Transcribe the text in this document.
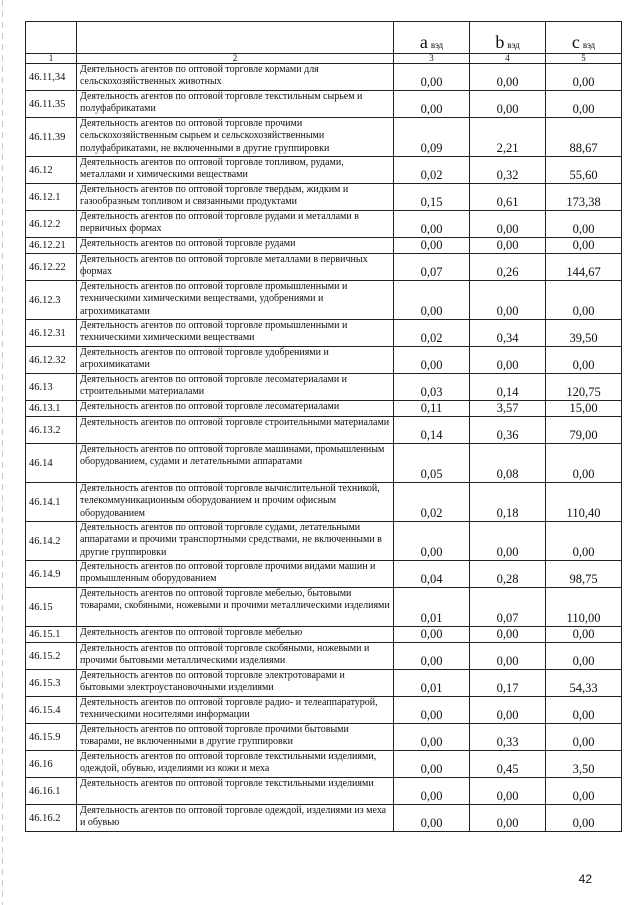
		a вэд	b вэд	c вэд
1	2	3	4	5
46.11,34	Деятельность агентов по оптовой торговле кормами для сельскохозяйственных животных	0,00	0,00	0,00
46.11.35	Деятельность агентов по оптовой торговле текстильным сырьем и полуфабрикатами	0,00	0,00	0,00
46.11.39	Деятельность агентов по оптовой торговле прочими сельскохозяйственным сырьем и сельскохозяйственными полуфабрикатами, не включенными в другие группировки	0,09	2,21	88,67
46.12	Деятельность агентов по оптовой торговле топливом, рудами, металлами и химическими веществами	0,02	0,32	55,60
46.12.1	Деятельность агентов по оптовой торговле твердым, жидким и газообразным топливом и связанными продуктами	0,15	0,61	173,38
46.12.2	Деятельность агентов по оптовой торговле рудами и металлами в первичных формах	0,00	0,00	0,00
46.12.21	Деятельность агентов по оптовой торговле рудами	0,00	0,00	0,00
46.12.22	Деятельность агентов по оптовой торговле металлами в первичных формах	0,07	0,26	144,67
46.12.3	Деятельность агентов по оптовой торговле промышленными и техническими химическими веществами, удобрениями и агрохимикатами	0,00	0,00	0,00
46.12.31	Деятельность агентов по оптовой торговле промышленными и техническими химическими веществами	0,02	0,34	39,50
46.12.32	Деятельность агентов по оптовой торговле удобрениями и агрохимикатами	0,00	0,00	0,00
46.13	Деятельность агентов по оптовой торговле лесоматериалами и строительными материалами	0,03	0,14	120,75
46.13.1	Деятельность агентов по оптовой торговле лесоматериалами	0,11	3,57	15,00
46.13.2	Деятельность агентов по оптовой торговле строительными материалами	0,14	0,36	79,00
46.14	Деятельность агентов по оптовой торговле машинами, промышленным оборудованием, судами и летательными аппаратами	0,05	0,08	0,00
46.14.1	Деятельность агентов по оптовой торговле вычислительной техникой, телекоммуникационным оборудованием и прочим офисным оборудованием	0,02	0,18	110,40
46.14.2	Деятельность агентов по оптовой торговле судами, летательными аппаратами и прочими транспортными средствами, не включенными в другие группировки	0,00	0,00	0,00
46.14.9	Деятельность агентов по оптовой торговле прочими видами машин и промышленным оборудованием	0,04	0,28	98,75
46.15	Деятельность агентов по оптовой торговле мебелью, бытовыми товарами, скобяными, ножевыми и прочими металлическими изделиями	0,01	0,07	110,00
46.15.1	Деятельность агентов по оптовой торговле мебелью	0,00	0,00	0,00
46.15.2	Деятельность агентов по оптовой торговле скобяными, ножевыми и прочими бытовыми металлическими изделиями	0,00	0,00	0,00
46.15.3	Деятельность агентов по оптовой торговле электротоварами и бытовыми электроустановочными изделиями	0,01	0,17	54,33
46.15.4	Деятельность агентов по оптовой торговле радио- и телеаппаратурой, техническими носителями информации	0,00	0,00	0,00
46.15.9	Деятельность агентов по оптовой торговле прочими бытовыми товарами, не включенными в другие группировки	0,00	0,33	0,00
46.16	Деятельность агентов по оптовой торговле текстильными изделиями, одеждой, обувью, изделиями из кожи и меха	0,00	0,45	3,50
46.16.1	Деятельность агентов по оптовой торговле текстильными изделиями	0,00	0,00	0,00
46.16.2	Деятельность агентов по оптовой торговле одеждой, изделиями из меха и обувью	0,00	0,00	0,00
42
